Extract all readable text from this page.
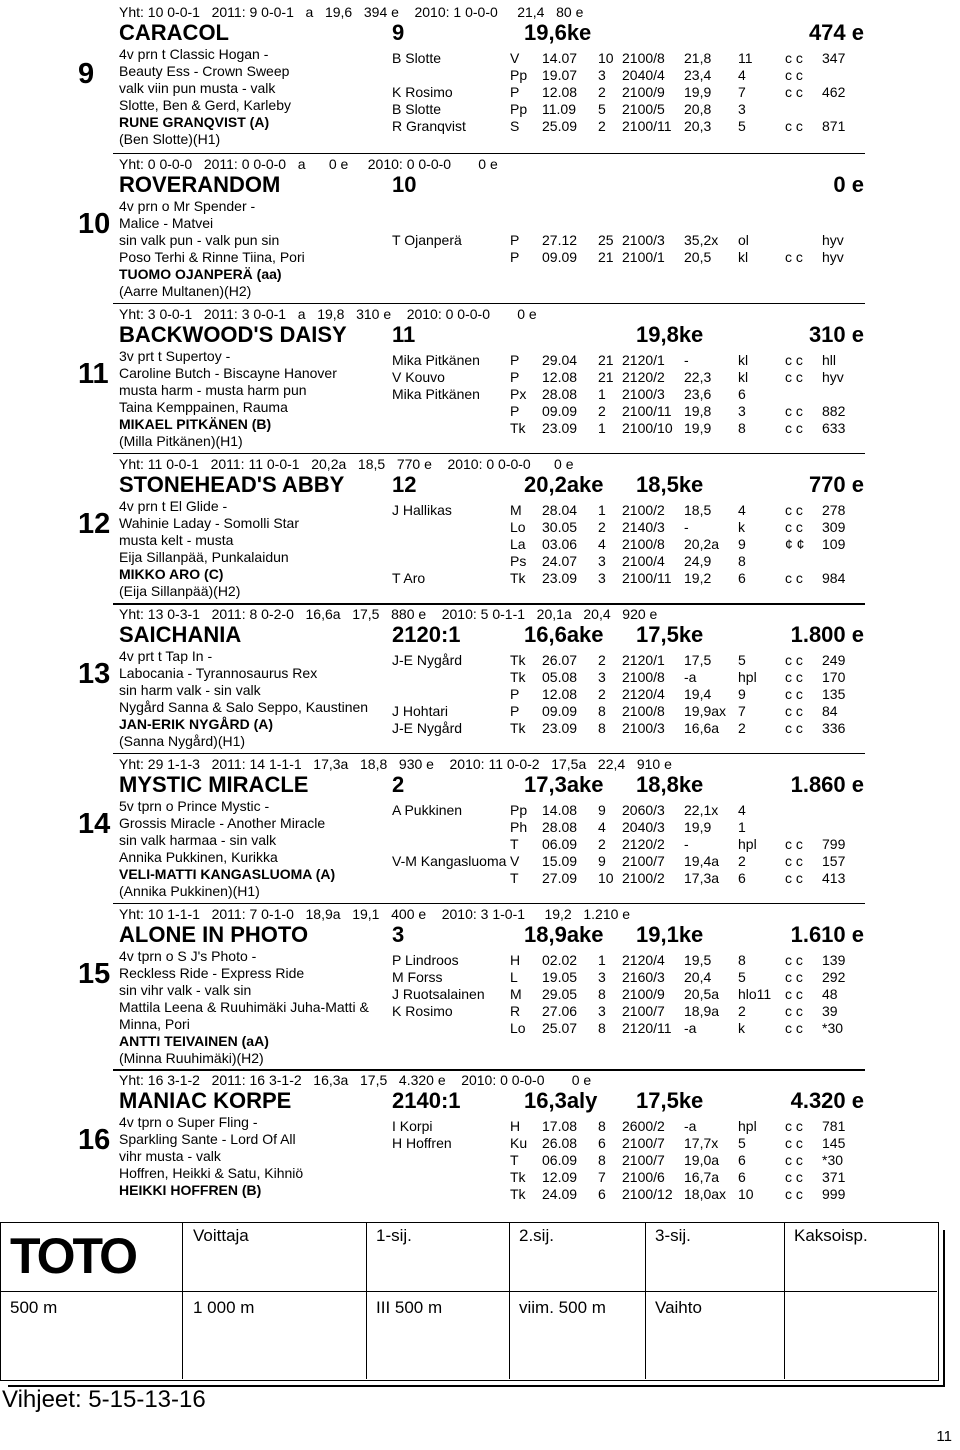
Yht: 10 0-0-1   2011: 9 0-0-1   a   19,6   394 e    2010: 1 0-0-0     21,4   80 e
CARACOL	9	19,6ke	474 e
9
4v prn t Classic Hogan -
Beauty Ess - Crown Sweep
valk viin pun musta - valk
Slotte, Ben & Gerd, Karleby
RUNE GRANQVIST (A)
(Ben Slotte)(H1)
B Slotte	V 14.07 10 2100/8 21,8 11 c c 347
Pp 19.07 3 2040/4 23,4 4	c c
K Rosimo	P 12.08 2 2100/9 19,9 7	c c 462
B Slotte	Pp 11.09 5 2100/5 20,8 3
R Granqvist	S 25.09 2 2100/11 20,3 5	c c 871
Yht: 0 0-0-0   2011: 0 0-0-0   a      0 e     2010: 0 0-0-0       0 e
ROVERANDOM	10	0 e
10
4v prn o Mr Spender -
Malice - Matvei
sin valk pun - valk pun sin
Poso Terhi & Rinne Tiina, Pori
TUOMO OJANPERÄ (aa)
(Aarre Multanen)(H2)
T Ojanperä	P 27.12 25 2100/3 35,2x ol	hyv
P 09.09 21 2100/1 20,5 kl	c c hyv
Yht: 3 0-0-1   2011: 3 0-0-1   a   19,8   310 e    2010: 0 0-0-0       0 e
BACKWOOD'S DAISY 11	19,8ke	310 e
11
3v prt t Supertoy -
Caroline Butch - Biscayne Hanover
musta harm - musta harm pun
Taina Kemppainen, Rauma
MIKAEL PITKÄNEN (B)
(Milla Pitkänen)(H1)
Mika Pitkänen P 29.04 21 2120/1 -	kl	c c hll
V Kouvo	P 12.08 21 2120/2 22,3 kl	c c hyv
Mika Pitkänen Px 28.08 1 2100/3 23,6 6
P 09.09 2 2100/11 19,8 3	c c 882
Tk 23.09 1 2100/10 19,9 8	c c 633
Yht: 11 0-0-1   2011: 11 0-0-1   20,2a   18,5   770 e    2010: 0 0-0-0      0 e
STONEHEAD'S ABBY 12	20,2ake 18,5ke	770 e
12
4v prn t El Glide -
Wahinie Laday - Somolli Star
musta kelt - musta
Eija Sillanpää, Punkalaidun
MIKKO ARO (C)
(Eija Sillanpää)(H2)
J Hallikas	M 28.04 1 2100/2 18,5 4	c c 278
Lo 30.05 2 2140/3 -	k	c c 309
La 03.06 4 2100/8 20,2a 9	¢ ¢ 109
Ps 24.07 3 2100/4 24,9 8
T Aro	Tk 23.09 3 2100/11 19,2 6	c c 984
Yht: 13 0-3-1   2011: 8 0-2-0   16,6a   17,5   880 e    2010: 5 0-1-1   20,1a   20,4   920 e
SAICHANIA	2120:1	16,6ake 17,5ke	1.800 e
13
4v prt t Tap In -
Labocania - Tyrannosaurus Rex
sin harm valk - sin valk
Nygård Sanna & Salo Seppo, Kaustinen
JAN-ERIK NYGÅRD (A)
(Sanna Nygård)(H1)
J-E Nygård	Tk 26.07 2 2120/1 17,5 5	c c 249
Tk 05.08 3 2100/8 -a	hpl c c 170
P 12.08 2 2120/4 19,4 9	c c 135
J Hohtari	P 09.09 8 2100/8 19,9ax 7	c c 84
J-E Nygård	Tk 23.09 8 2100/3 16,6a 2	c c 336
Yht: 29 1-1-3   2011: 14 1-1-1   17,3a   18,8   930 e    2010: 11 0-0-2   17,5a   22,4   910 e
MYSTIC MIRACLE	2	17,3ake 18,8ke	1.860 e
14
5v tprn o Prince Mystic -
Grossis Miracle - Another Miracle
sin valk harmaa - sin valk
Annika Pukkinen, Kurikka
VELI-MATTI KANGASLUOMA (A)
(Annika Pukkinen)(H1)
A Pukkinen	Pp 14.08 9 2060/3 22,1x 4
Ph 28.08 4 2040/3 19,9 1
T 06.09 2 2120/2 -	hpl c c 799
V-M Kangasluoma V 15.09 9 2100/7 19,4a 2	c c 157
T 27.09 10 2100/2 17,3a 6	c c 413
Yht: 10 1-1-1   2011: 7 0-1-0   18,9a   19,1   400 e    2010: 3 1-0-1     19,2   1.210 e
ALONE IN PHOTO	3	18,9ake 19,1ke	1.610 e
15
4v tprn o S J's Photo -
Reckless Ride - Express Ride
sin vihr valk - valk sin
Mattila Leena & Ruuhimäki Juha-Matti &
Minna, Pori
ANTTI TEIVAINEN (aA)
(Minna Ruuhimäki)(H2)
P Lindroos	H 02.02 1 2120/4 19,5 8	c c 139
M Forss	L 19.05 3 2160/3 20,4 5	c c 292
J Ruotsalainen M 29.05 8 2100/9 20,5a hlo11 c c 48
K Rosimo	R 27.06 3 2100/7 18,9a 2	c c 39
Lo 25.07 8 2120/11 -a	k	c c *30
Yht: 16 3-1-2   2011: 16 3-1-2   16,3a   17,5   4.320 e    2010: 0 0-0-0       0 e
MANIAC KORPE	2140:1	16,3aly 17,5ke	4.320 e
16
4v tprn o Super Fling -
Sparkling Sante - Lord Of All
vihr musta - valk
Hoffren, Heikki & Satu, Kihniö
HEIKKI HOFFREN (B)
I Korpi	H 17.08 8 2600/2 -a	hpl c c 781
H Hoffren	Ku 26.08 6 2100/7 17,7x 5	c c 145
T 06.09 8 2100/7 19,0a 6	c c *30
Tk 12.09 7 2100/6 16,7a 6	c c 371
Tk 24.09 6 2100/12 18,0ax 10 c c 999
Voittaja	1-sij.	2.sij.	3-sij.	Kaksoisp.
500 m	1 000 m	III 500 m	viim. 500 m	Vaihto
TOTO
Vihjeet: 5-15-13-16
11
